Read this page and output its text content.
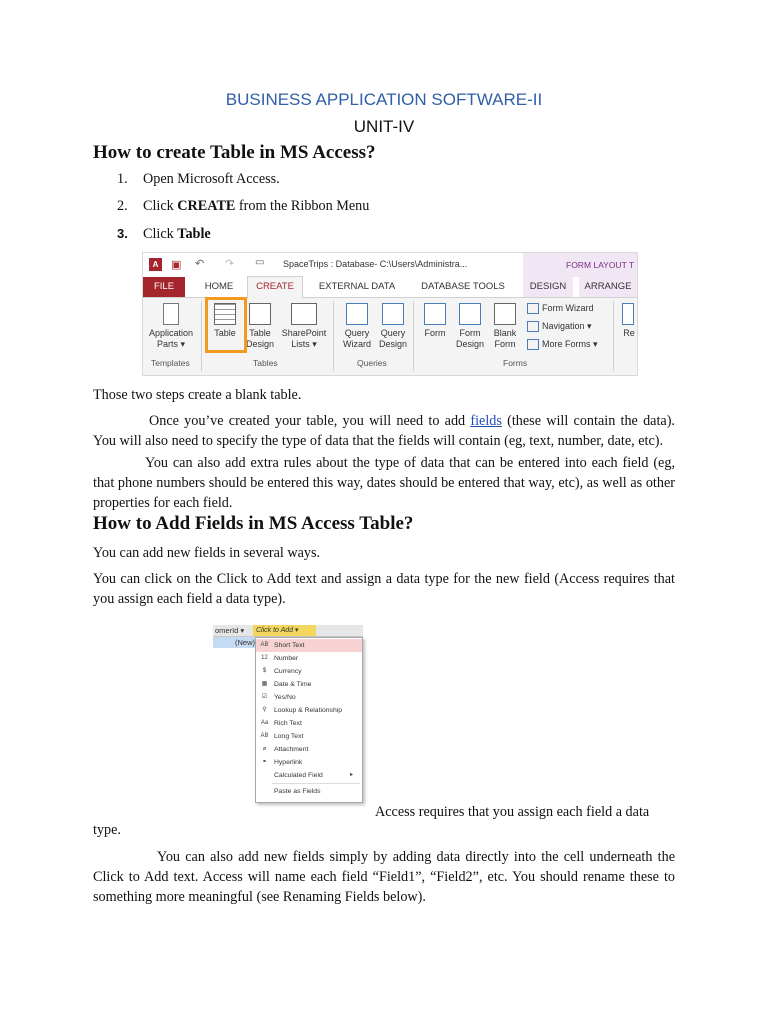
BUSINESS APPLICATION SOFTWARE-II
UNIT-IV
How to create Table in MS Access?
1. Open Microsoft Access.
2. Click CREATE from the Ribbon Menu
3. Click Table
A	▣ ↶ ↷ ▭ SpaceTrips : Database- C:\Users\Administra...	FORM LAYOUT T
FILE	HOME	CREATE	EXTERNAL DATA	DATABASE TOOLS	DESIGN	ARRANGE
Application
Parts ▾
Table	Table
Design
SharePoint
Lists ▾
Query
Wizard
Query
Design
Form	Form
Design
Blank
Form
Form Wizard
Navigation ▾
More Forms ▾
Re
Templates	Tables	Queries	Forms
Those two steps create a blank table.
Once you’ve created your table, you will need to add fields (these will contain the data). You will also need to specify the type of data that the fields will contain (eg, text, number, date, etc).
You can also add extra rules about the type of data that can be entered into each field (eg, that phone numbers should be entered this way, dates should be entered that way, etc), as well as other properties for each field.
How to Add Fields in MS Access Table?
You can add new fields in several ways.
You can click on the Click to Add text and assign a data type for the new field (Access requires that you assign each field a data type).
omerId ▾	Click to Add ▾
(New) AB Short Text
12 Number
$	Currency
▦ Date & Time
☑	Yes/No
⚲	Lookup & Relationship
Aa Rich Text
AB Long Text
⌀	Attachment
⚭	Hyperlink
Calculated Field	▸
Paste as Fields
Access requires that you assign each field a data
type.
You can also add new fields simply by adding data directly into the cell underneath the Click to Add text. Access will name each field “Field1”, “Field2”, etc. You should rename these to something more meaningful (see Renaming Fields below).
